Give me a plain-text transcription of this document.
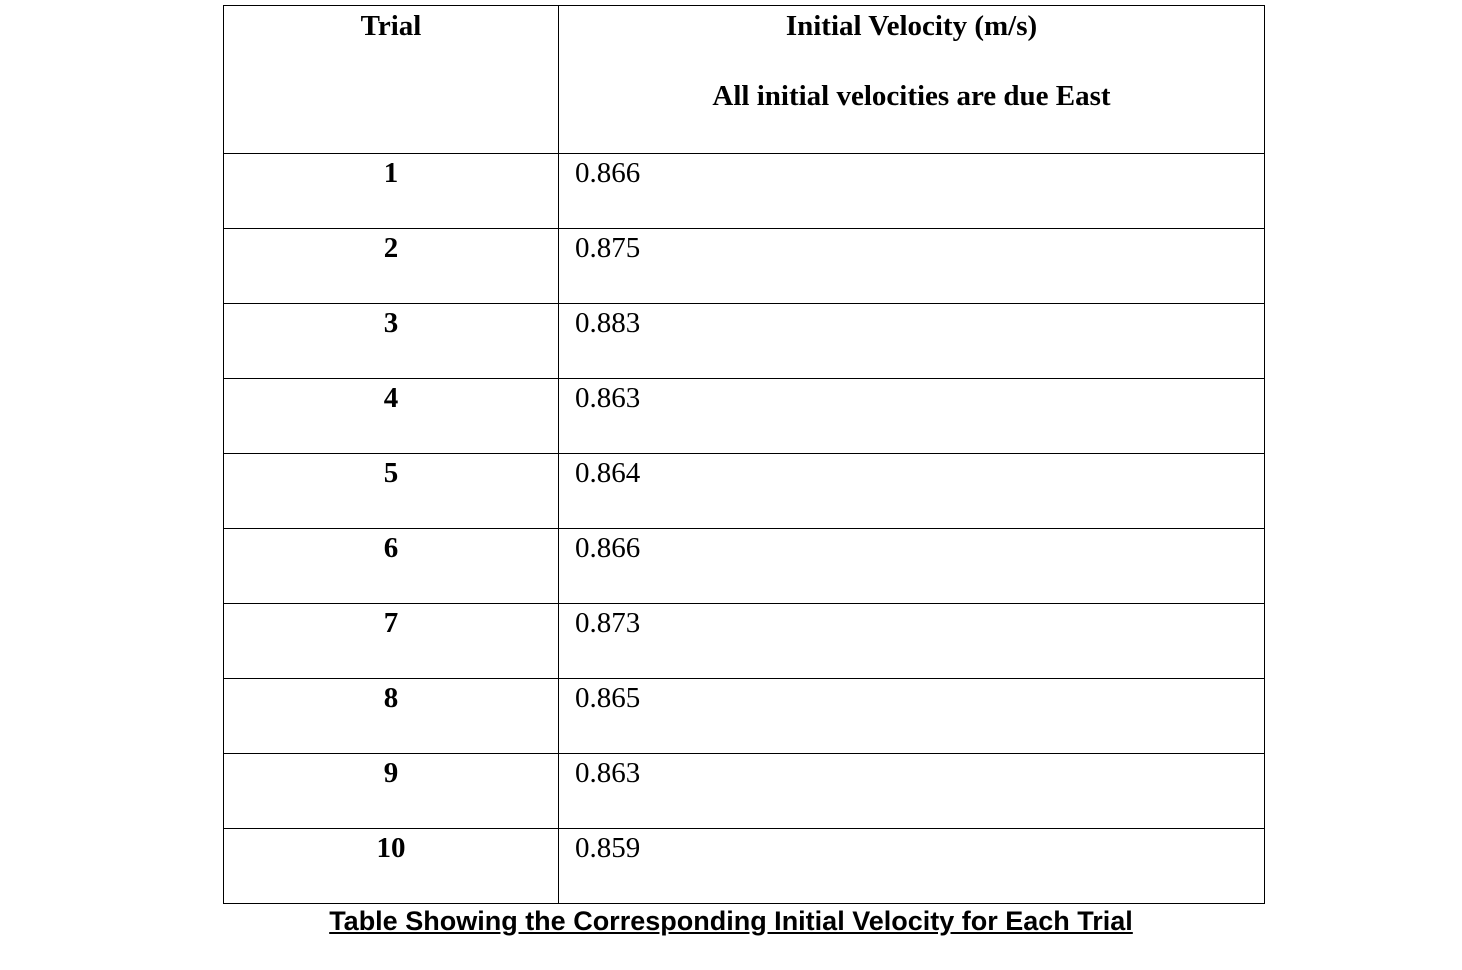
Trial	Initial Velocity (m/s)
All initial velocities are due East

1	0.866
2	0.875
3	0.883
4	0.863
5	0.864
6	0.866
7	0.873
8	0.865
9	0.863
10	0.859
Table Showing the Corresponding Initial Velocity for Each Trial
